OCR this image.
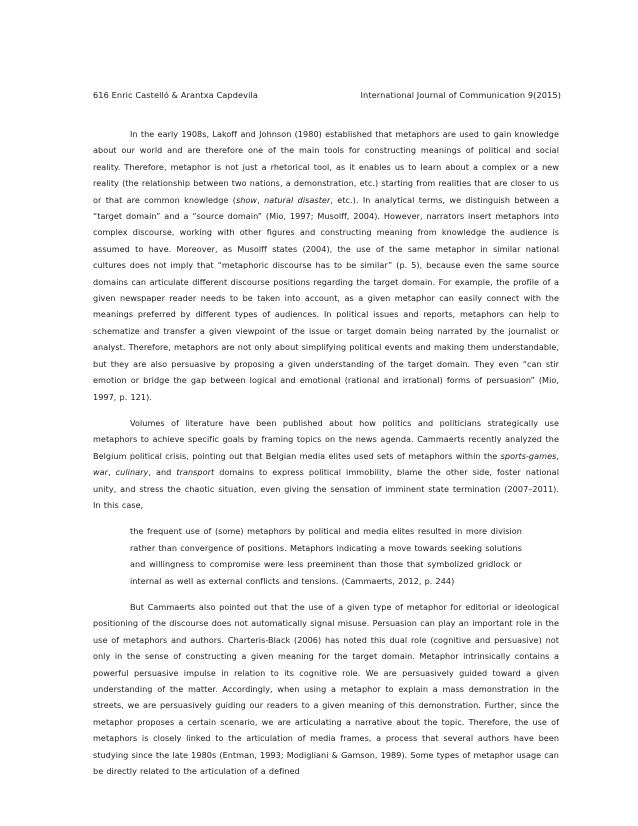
616 Enric Castelló & Arantxa Capdevila	International Journal of Communication 9(2015)

In the early 1908s, Lakoff and Johnson (1980) established that metaphors are used to gain knowledge about our world and are therefore one of the main tools for constructing meanings of political and social reality. Therefore, metaphor is not just a rhetorical tool, as it enables us to learn about a complex or a new reality (the relationship between two nations, a demonstration, etc.) starting from realities that are closer to us or that are common knowledge (show, natural disaster, etc.). In analytical terms, we distinguish between a “target domain” and a “source domain” (Mio, 1997; Musolff, 2004). However, narrators insert metaphors into complex discourse, working with other figures and constructing meaning from knowledge the audience is assumed to have. Moreover, as Musolff states (2004), the use of the same metaphor in similar national cultures does not imply that “metaphoric discourse has to be similar” (p. 5), because even the same source domains can articulate different discourse positions regarding the target domain. For example, the profile of a given newspaper reader needs to be taken into account, as a given metaphor can easily connect with the meanings preferred by different types of audiences. In political issues and reports, metaphors can help to schematize and transfer a given viewpoint of the issue or target domain being narrated by the journalist or analyst. Therefore, metaphors are not only about simplifying political events and making them understandable, but they are also persuasive by proposing a given understanding of the target domain. They even “can stir emotion or bridge the gap between logical and emotional (rational and irrational) forms of persuasion” (Mio, 1997, p. 121).

Volumes of literature have been published about how politics and politicians strategically use metaphors to achieve specific goals by framing topics on the news agenda. Cammaerts recently analyzed the Belgium political crisis, pointing out that Belgian media elites used sets of metaphors within the sports-games, war, culinary, and transport domains to express political immobility, blame the other side, foster national unity, and stress the chaotic situation, even giving the sensation of imminent state termination (2007–2011). In this case,

the frequent use of (some) metaphors by political and media elites resulted in more division rather than convergence of positions. Metaphors indicating a move towards seeking solutions and willingness to compromise were less preeminent than those that symbolized gridlock or internal as well as external conflicts and tensions. (Cammaerts, 2012, p. 244)

But Cammaerts also pointed out that the use of a given type of metaphor for editorial or ideological positioning of the discourse does not automatically signal misuse. Persuasion can play an important role in the use of metaphors and authors. Charteris-Black (2006) has noted this dual role (cognitive and persuasive) not only in the sense of constructing a given meaning for the target domain. Metaphor intrinsically contains a powerful persuasive impulse in relation to its cognitive role. We are persuasively guided toward a given understanding of the matter. Accordingly, when using a metaphor to explain a mass demonstration in the streets, we are persuasively guiding our readers to a given meaning of this demonstration. Further, since the metaphor proposes a certain scenario, we are articulating a narrative about the topic. Therefore, the use of metaphors is closely linked to the articulation of media frames, a process that several authors have been studying since the late 1980s (Entman, 1993; Modigliani & Gamson, 1989). Some types of metaphor usage can be directly related to the articulation of a defined
